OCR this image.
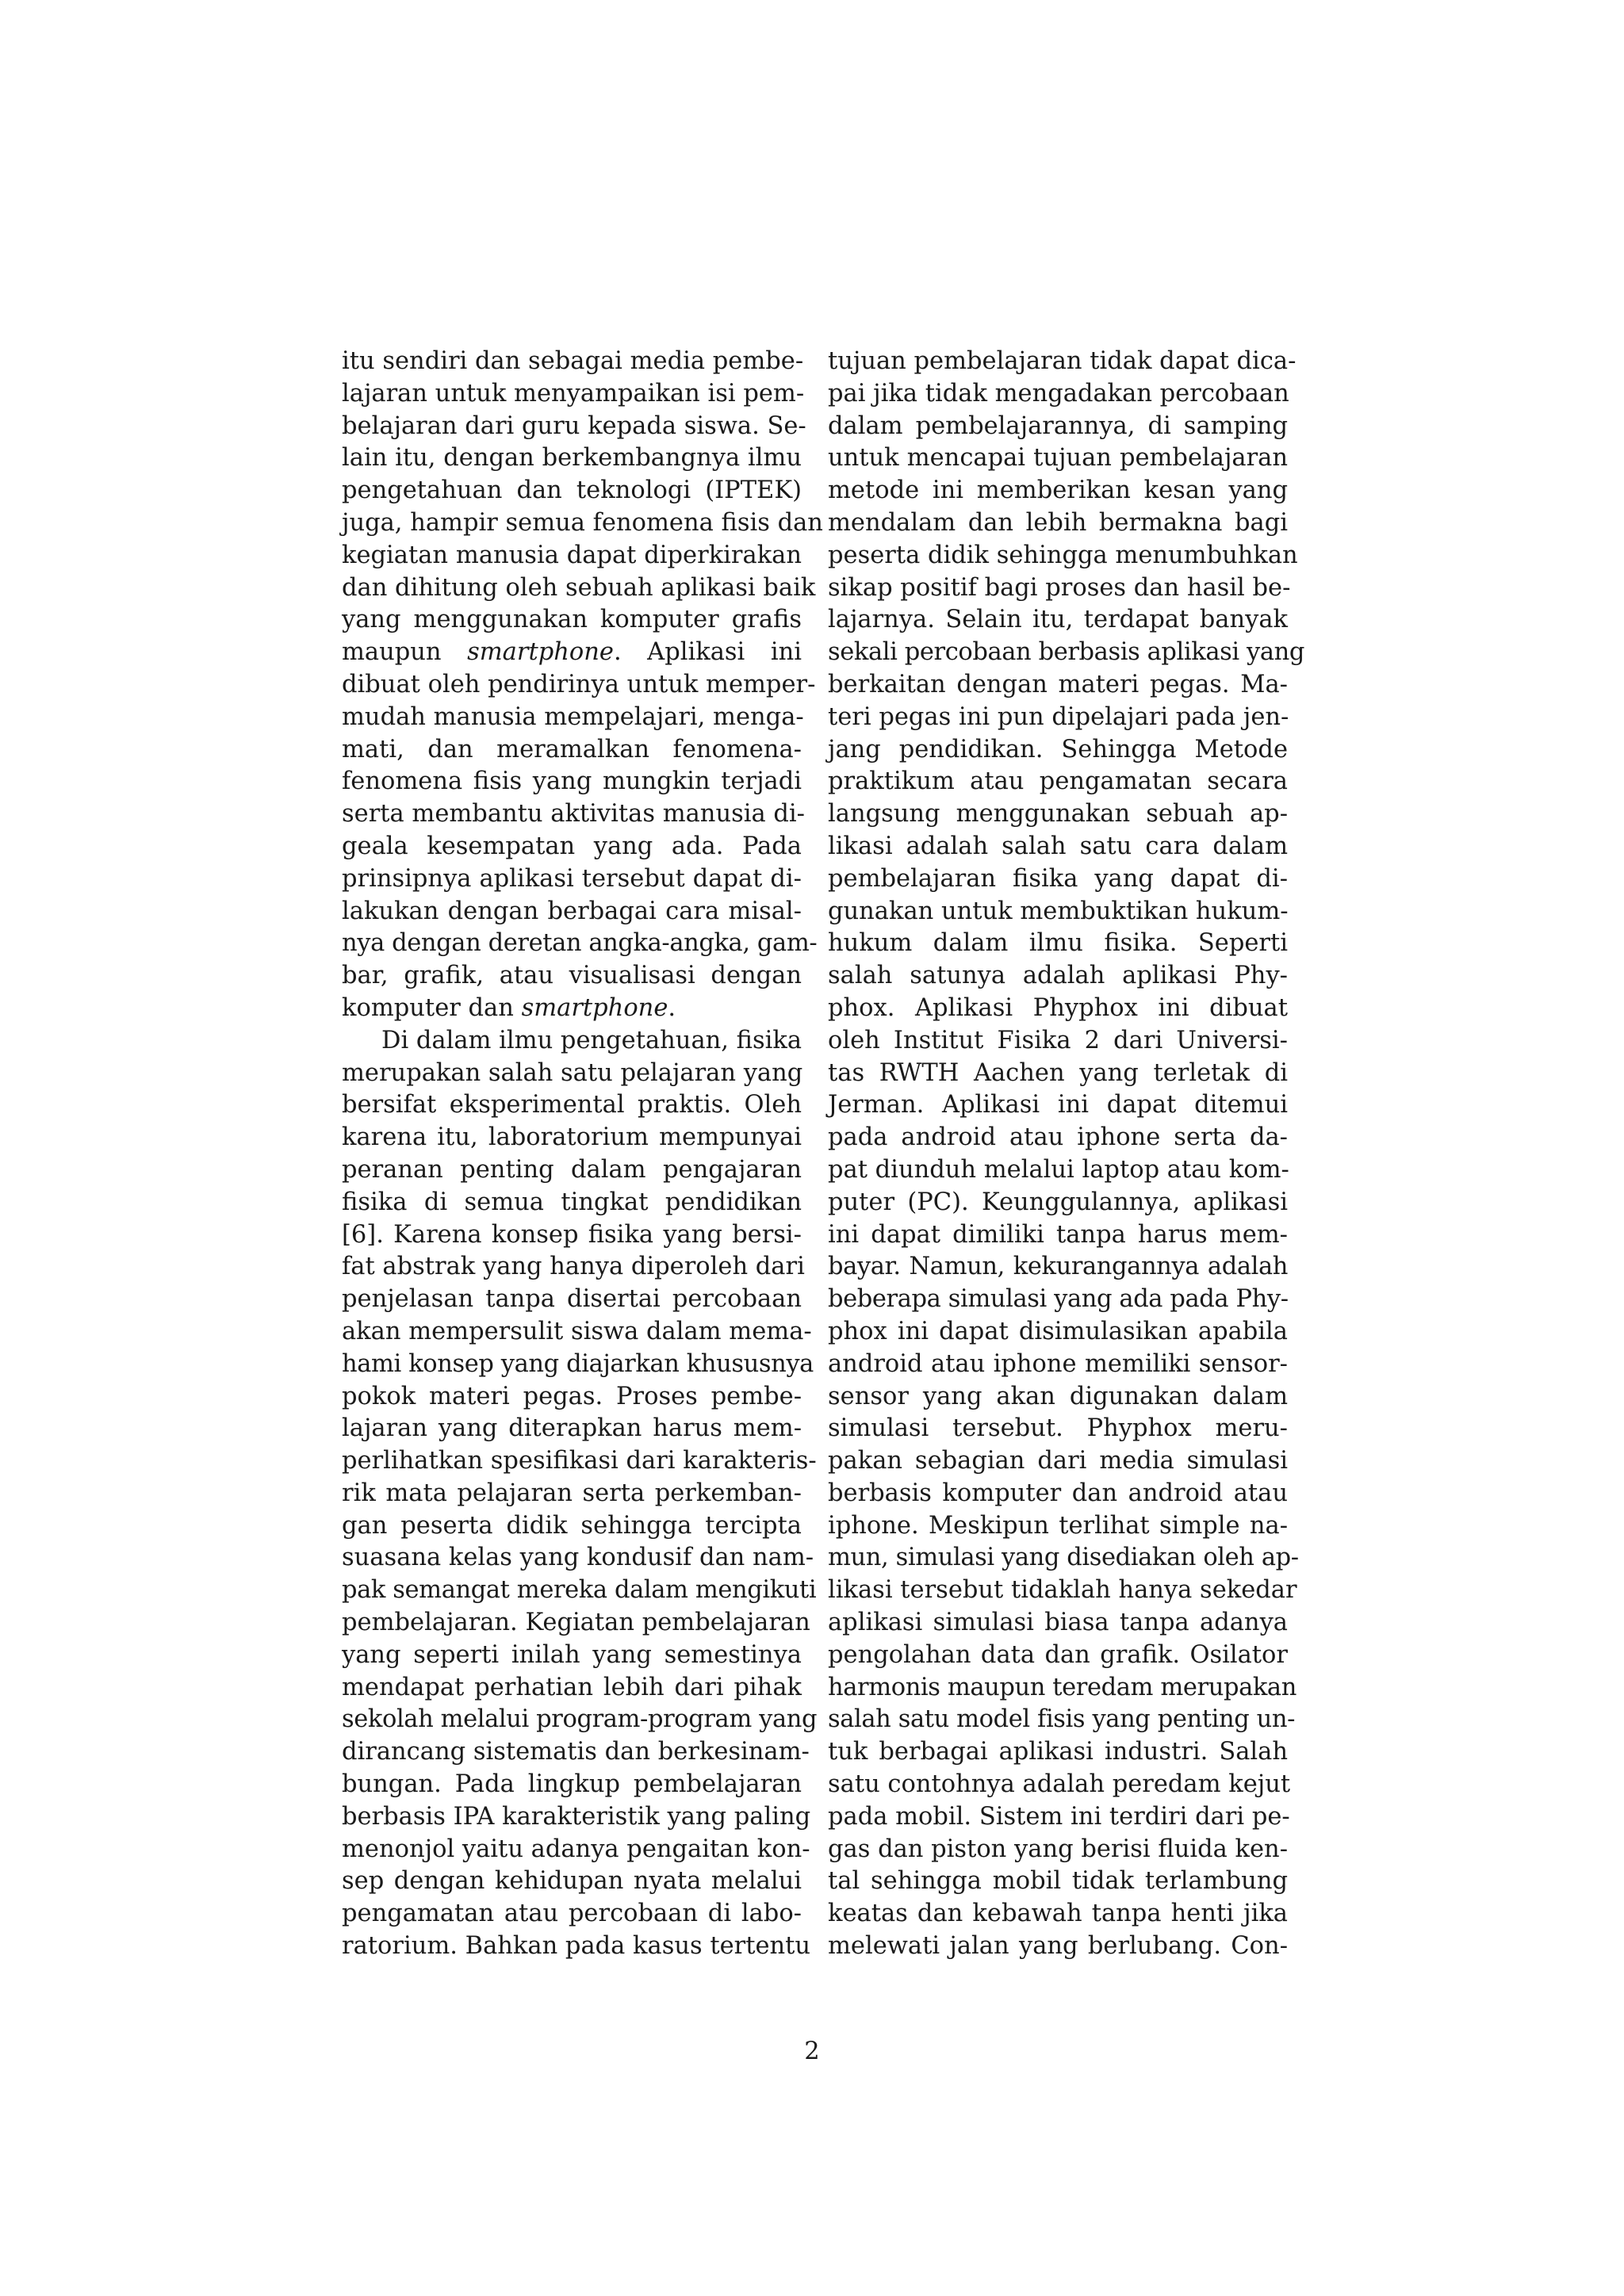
itu sendiri dan sebagai media pembe-
lajaran untuk menyampaikan isi pem-
belajaran dari guru kepada siswa. Se-
lain itu, dengan berkembangnya ilmu
pengetahuan dan teknologi (IPTEK)
juga, hampir semua fenomena fisis dan
kegiatan manusia dapat diperkirakan
dan dihitung oleh sebuah aplikasi baik
yang menggunakan komputer grafis
maupun smartphone. Aplikasi ini
dibuat oleh pendirinya untuk memper-
mudah manusia mempelajari, menga-
mati, dan meramalkan fenomena-
fenomena fisis yang mungkin terjadi
serta membantu aktivitas manusia di-
geala kesempatan yang ada. Pada
prinsipnya aplikasi tersebut dapat di-
lakukan dengan berbagai cara misal-
nya dengan deretan angka-angka, gam-
bar, grafik, atau visualisasi dengan
komputer dan smartphone.
Di dalam ilmu pengetahuan, fisika
merupakan salah satu pelajaran yang
bersifat eksperimental praktis. Oleh
karena itu, laboratorium mempunyai
peranan penting dalam pengajaran
fisika di semua tingkat pendidikan
[6]. Karena konsep fisika yang bersi-
fat abstrak yang hanya diperoleh dari
penjelasan tanpa disertai percobaan
akan mempersulit siswa dalam mema-
hami konsep yang diajarkan khususnya
pokok materi pegas. Proses pembe-
lajaran yang diterapkan harus mem-
perlihatkan spesifikasi dari karakteris-
rik mata pelajaran serta perkemban-
gan peserta didik sehingga tercipta
suasana kelas yang kondusif dan nam-
pak semangat mereka dalam mengikuti
pembelajaran. Kegiatan pembelajaran
yang seperti inilah yang semestinya
mendapat perhatian lebih dari pihak
sekolah melalui program-program yang
dirancang sistematis dan berkesinam-
bungan. Pada lingkup pembelajaran
berbasis IPA karakteristik yang paling
menonjol yaitu adanya pengaitan kon-
sep dengan kehidupan nyata melalui
pengamatan atau percobaan di labo-
ratorium. Bahkan pada kasus tertentu
tujuan pembelajaran tidak dapat dica-
pai jika tidak mengadakan percobaan
dalam pembelajarannya, di samping
untuk mencapai tujuan pembelajaran
metode ini memberikan kesan yang
mendalam dan lebih bermakna bagi
peserta didik sehingga menumbuhkan
sikap positif bagi proses dan hasil be-
lajarnya. Selain itu, terdapat banyak
sekali percobaan berbasis aplikasi yang
berkaitan dengan materi pegas. Ma-
teri pegas ini pun dipelajari pada jen-
jang pendidikan. Sehingga Metode
praktikum atau pengamatan secara
langsung menggunakan sebuah ap-
likasi adalah salah satu cara dalam
pembelajaran fisika yang dapat di-
gunakan untuk membuktikan hukum-
hukum dalam ilmu fisika. Seperti
salah satunya adalah aplikasi Phy-
phox. Aplikasi Phyphox ini dibuat
oleh Institut Fisika 2 dari Universi-
tas RWTH Aachen yang terletak di
Jerman. Aplikasi ini dapat ditemui
pada android atau iphone serta da-
pat diunduh melalui laptop atau kom-
puter (PC). Keunggulannya, aplikasi
ini dapat dimiliki tanpa harus mem-
bayar. Namun, kekurangannya adalah
beberapa simulasi yang ada pada Phy-
phox ini dapat disimulasikan apabila
android atau iphone memiliki sensor-
sensor yang akan digunakan dalam
simulasi tersebut. Phyphox meru-
pakan sebagian dari media simulasi
berbasis komputer dan android atau
iphone. Meskipun terlihat simple na-
mun, simulasi yang disediakan oleh ap-
likasi tersebut tidaklah hanya sekedar
aplikasi simulasi biasa tanpa adanya
pengolahan data dan grafik. Osilator
harmonis maupun teredam merupakan
salah satu model fisis yang penting un-
tuk berbagai aplikasi industri. Salah
satu contohnya adalah peredam kejut
pada mobil. Sistem ini terdiri dari pe-
gas dan piston yang berisi fluida ken-
tal sehingga mobil tidak terlambung
keatas dan kebawah tanpa henti jika
melewati jalan yang berlubang. Con-
2
